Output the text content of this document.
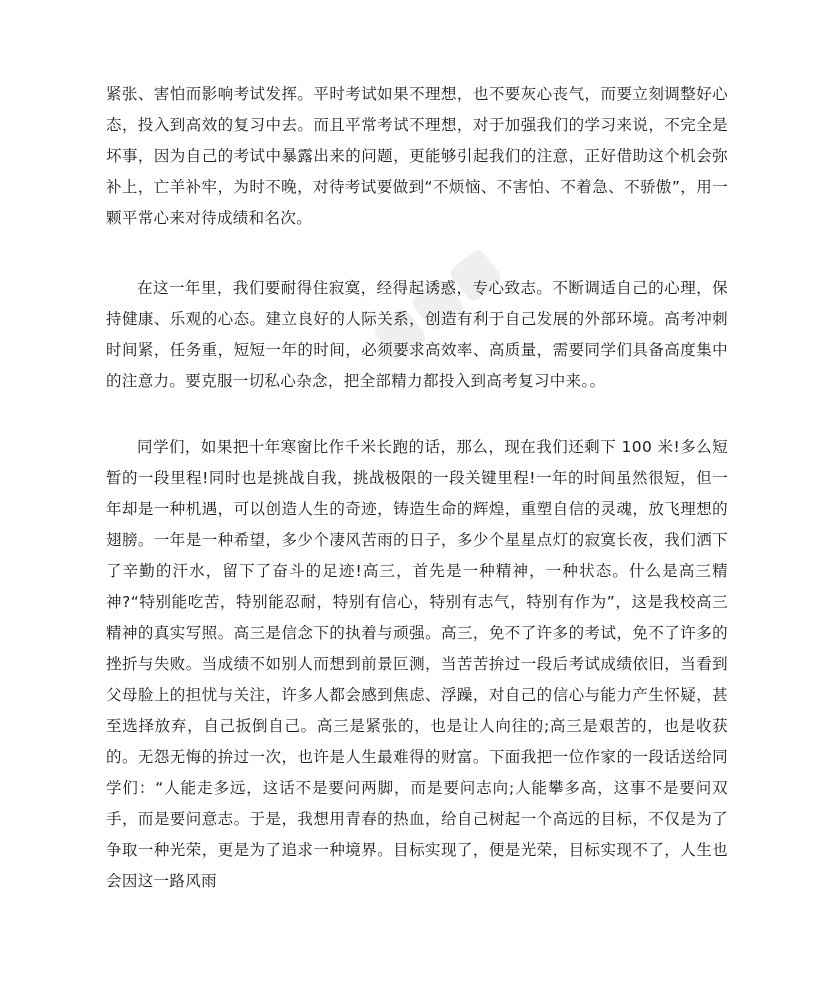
紧张、害怕而影响考试发挥。平时考试如果不理想，也不要灰心丧气，而要立刻调整好心态，投入到高效的复习中去。而且平常考试不理想，对于加强我们的学习来说，不完全是坏事，因为自己的考试中暴露出来的问题，更能够引起我们的注意，正好借助这个机会弥补上，亡羊补牢，为时不晚，对待考试要做到“不烦恼、不害怕、不着急、不骄傲”，用一颗平常心来对待成绩和名次。

在这一年里，我们要耐得住寂寞，经得起诱惑，专心致志。不断调适自己的心理，保持健康、乐观的心态。建立良好的人际关系，创造有利于自己发展的外部环境。高考冲刺时间紧，任务重，短短一年的时间，必须要求高效率、高质量，需要同学们具备高度集中的注意力。要克服一切私心杂念，把全部精力都投入到高考复习中来。。

同学们，如果把十年寒窗比作千米长跑的话，那么，现在我们还剩下 100 米!多么短暂的一段里程!同时也是挑战自我，挑战极限的一段关键里程!一年的时间虽然很短，但一年却是一种机遇，可以创造人生的奇迹，铸造生命的辉煌，重塑自信的灵魂，放飞理想的翅膀。一年是一种希望，多少个凄风苦雨的日子，多少个星星点灯的寂寞长夜，我们洒下了辛勤的汗水，留下了奋斗的足迹!高三，首先是一种精神，一种状态。什么是高三精神?“特别能吃苦，特别能忍耐，特别有信心，特别有志气，特别有作为”，这是我校高三精神的真实写照。高三是信念下的执着与顽强。高三，免不了许多的考试，免不了许多的挫折与失败。当成绩不如别人而想到前景叵测，当苦苦拚过一段后考试成绩依旧，当看到父母脸上的担忧与关注，许多人都会感到焦虑、浮躁，对自己的信心与能力产生怀疑，甚至选择放弃，自己扳倒自己。高三是紧张的，也是让人向往的;高三是艰苦的，也是收获的。无怨无悔的拚过一次，也许是人生最难得的财富。下面我把一位作家的一段话送给同学们：“人能走多远，这话不是要问两脚，而是要问志向;人能攀多高，这事不是要问双手，而是要问意志。于是，我想用青春的热血，给自己树起一个高远的目标，不仅是为了争取一种光荣，更是为了追求一种境界。目标实现了，便是光荣，目标实现不了，人生也会因这一路风雨
